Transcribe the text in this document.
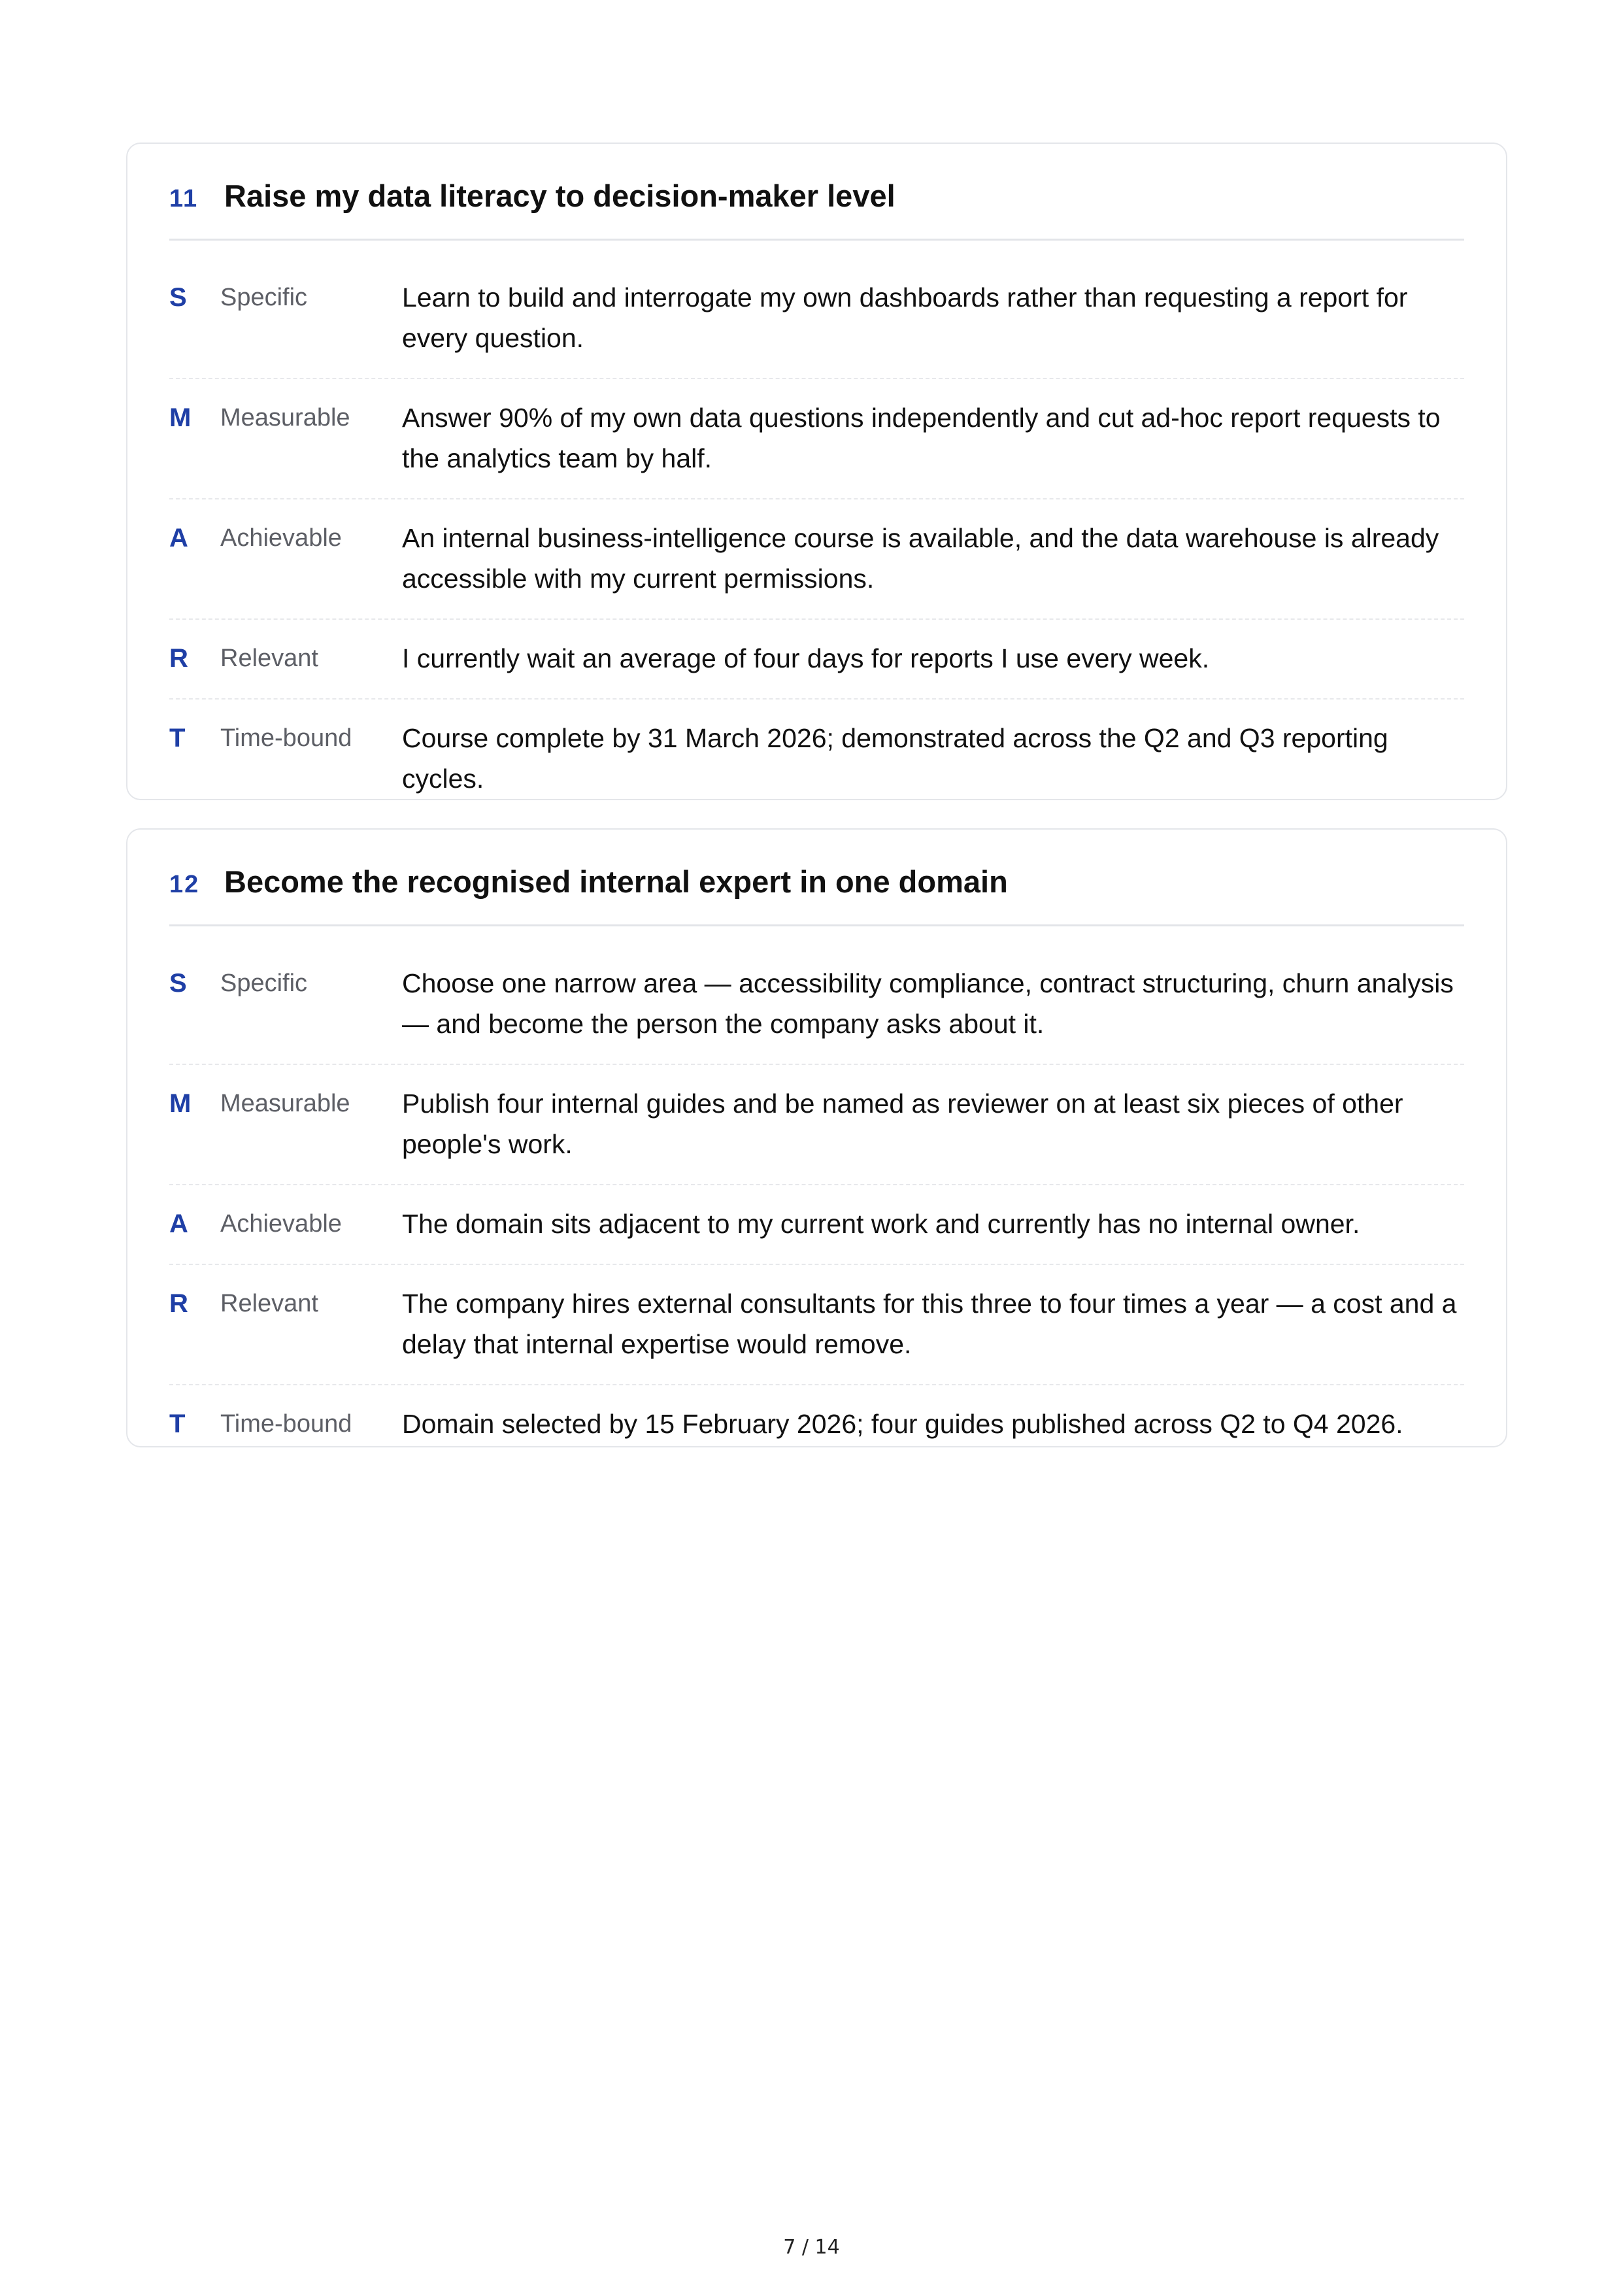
11 Raise my data literacy to decision-maker level
S	Specific	Learn to build and interrogate my own dashboards rather than requesting a report for every question.
M	Measurable	Answer 90% of my own data questions independently and cut ad-hoc report requests to the analytics team by half.
A	Achievable	An internal business-intelligence course is available, and the data warehouse is already accessible with my current permissions.
R	Relevant	I currently wait an average of four days for reports I use every week.
T	Time-bound	Course complete by 31 March 2026; demonstrated across the Q2 and Q3 reporting cycles.
12 Become the recognised internal expert in one domain
S	Specific	Choose one narrow area — accessibility compliance, contract structuring, churn analysis — and become the person the company asks about it.
M	Measurable	Publish four internal guides and be named as reviewer on at least six pieces of other people's work.
A	Achievable	The domain sits adjacent to my current work and currently has no internal owner.
R	Relevant	The company hires external consultants for this three to four times a year — a cost and a delay that internal expertise would remove.
T	Time-bound	Domain selected by 15 February 2026; four guides published across Q2 to Q4 2026.
7 / 14
